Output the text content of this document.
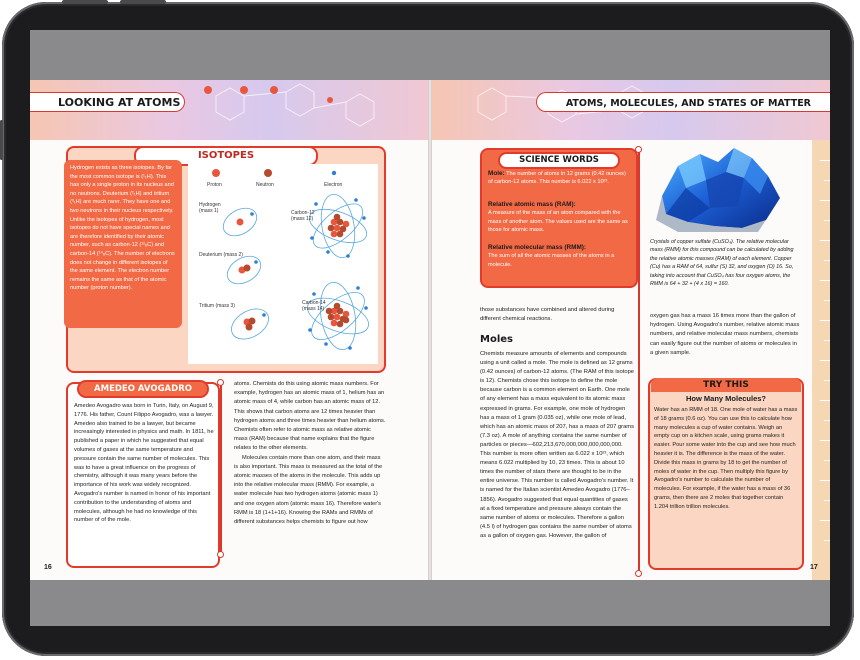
LOOKING AT ATOMS
ISOTOPES
Hydrogen exists as three isotopes. By far the most common isotope is (¹₁H). This has only a single proton in its nucleus and no neutrons. Deuterium (²₁H) and tritium (³₁H) are much rarer. They have one and two neutrons in their nucleus respectively. Unlike the isotopes of hydrogen, most isotopes do not have special names and are therefore identified by their atomic number, such as carbon-12 (¹²₆C) and carbon-14 (¹⁴₆C). The number of electrons does not change in different isotopes of the same element. The electron number remains the same as that of the atomic number (proton number).
Proton	Neutron	Electron
Hydrogen
(mass 1)
Deuterium (mass 2)
Tritium (mass 3)
Carbon-12
(mass 12)
Carbon-14
(mass 14)
AMEDEO AVOGADRO
Amedeo Avogadro was born in Turin, Italy, on August 9, 1776. His father, Count Filippo Avogadro, was a lawyer. Amedeo also trained to be a lawyer, but became increasingly interested in physics and math. In 1811, he published a paper in which he suggested that equal volumes of gases at the same temperature and pressure contain the same number of molecules. This was to have a great influence on the progress of chemistry, although it was many years before the importance of his work was widely recognized. Avogadro's number is named in honor of his important contribution to the understanding of atoms and molecules, although he had no knowledge of this number of of the mole.

atoms. Chemists do this using atomic mass numbers. For example, hydrogen has an atomic mass of 1, helium has an atomic mass of 4, while carbon has an atomic mass of 12. This shows that carbon atoms are 12 times heavier than hydrogen atoms and three times heavier than helium atoms. Chemists often refer to atomic mass as relative atomic mass (RAM) because that name explains that the figure relates to the other elements.

Molecules contain more than one atom, and their mass is also important. This mass is measured as the total of the atomic masses of the atoms in the molecule. This adds up into the relative molecular mass (RMM). For example, a water molecule has two hydrogen atoms (atomic mass 1) and one oxygen atom (atomic mass 16). Therefore water's RMM is 18 (1+1+16). Knowing the RAMs and RMMs of different substances helps chemists to figure out how

16
ATOMS, MOLECULES, AND STATES OF MATTER
SCIENCE WORDS
Mole: The number of atoms in 12 grams (0.42 ounces) of carbon-12 atoms. This number is 6.022 x 10²³.
Relative atomic mass (RAM):
A measure of the mass of an atom compared with the mass of another atom. The values used are the same as those for atomic mass.
Relative molecular mass (RMM):
The sum of all the atomic masses of the atoms in a molecule.
Crystals of copper sulfate (CuSO₄). The relative molecular mass (RMM) for this compound can be calculated by adding the relative atomic masses (RAM) of each element. Copper (Cu) has a RAM of 64, sulfur (S) 32, and oxygen (O) 16. So, taking into account that CuSO₄ has four oxygen atoms, the RMM is 64 + 32 + (4 x 16) = 160.
those substances have combined and altered during different chemical reactions.
Moles
Chemists measure amounts of elements and compounds using a unit called a mole. The mole is defined as 12 grams (0.42 ounces) of carbon-12 atoms. (The RAM of this isotope is 12). Chemists chose this isotope to define the mole because carbon is a common element on Earth. One mole of any element has a mass equivalent to its atomic mass expressed in grams. For example, one mole of hydrogen has a mass of 1 gram (0.035 oz), while one mole of lead, which has an atomic mass of 207, has a mass of 207 grams (7.3 oz). A mole of anything contains the same number of particles or pieces—602,213,670,000,000,000,000,000. This number is more often written as 6.022 x 10²³, which means 6.022 multiplied by 10, 23 times. This is about 10 times the number of stars there are thought to be in the entire universe. This number is called Avogadro's number. It is named for the Italian scientist Amedeo Avogadro (1776–1856). Avogadro suggested that equal quantities of gases at a fixed temperature and pressure always contain the same number of atoms or molecules. Therefore a gallon (4.5 l) of hydrogen gas contains the same number of atoms as a gallon of oxygen gas. However, the gallon of
oxygen gas has a mass 16 times more than the gallon of hydrogen. Using Avogadro's number, relative atomic mass numbers, and relative molecular mass numbers, chemists can easily figure out the number of atoms or molecules in a given sample.
TRY THIS
How Many Molecules?
Water has an RMM of 18. One mole of water has a mass of 18 grams (0.6 oz). You can use this to calculate how many molecules a cup of water contains. Weigh an empty cup on a kitchen scale, using grams makes it easier. Pour some water into the cup and see how much heavier it is. The difference is the mass of the water. Divide this mass in grams by 18 to get the number of moles of water in the cup. Then multiply this figure by Avogadro's number to calculate the number of molecules. For example, if the water has a mass of 36 grams, then there are 2 moles that together contain 1.204 trillion trillion molecules.
17
